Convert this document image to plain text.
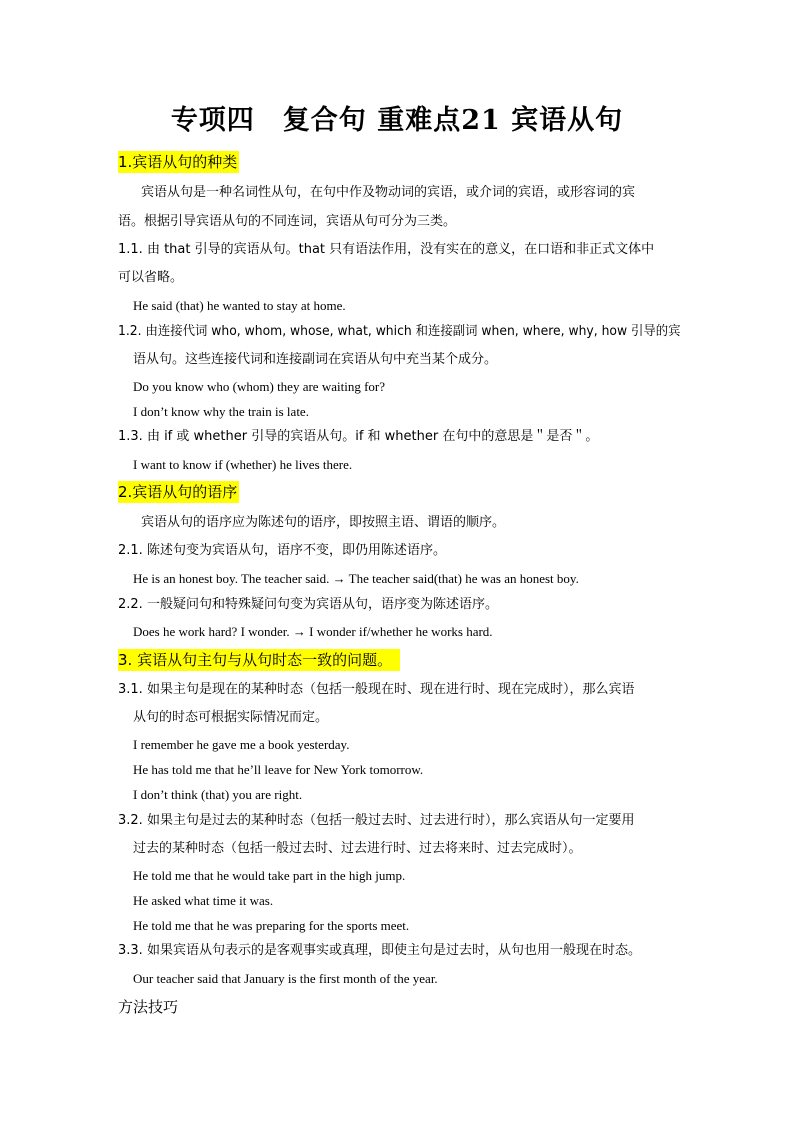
专项四　复合句 重难点21 宾语从句
1.宾语从句的种类
宾语从句是一种名词性从句，在句中作及物动词的宾语，或介词的宾语，或形容词的宾
语。根据引导宾语从句的不同连词，宾语从句可分为三类。
1.1. 由 that 引导的宾语从句。that 只有语法作用，没有实在的意义，在口语和非正式文体中
可以省略。
He said (that) he wanted to stay at home.
1.2. 由连接代词 who, whom, whose, what, which 和连接副词 when, where, why, how 引导的宾
语从句。这些连接代词和连接副词在宾语从句中充当某个成分。
Do you know who (whom) they are waiting for?
I don’t know why the train is late.
1.3. 由 if 或 whether 引导的宾语从句。if 和 whether 在句中的意思是＂是否＂。
I want to know if (whether) he lives there.
2.宾语从句的语序
宾语从句的语序应为陈述句的语序，即按照主语、谓语的顺序。
2.1. 陈述句变为宾语从句，语序不变，即仍用陈述语序。
He is an honest boy. The teacher said. → The teacher said(that) he was an honest boy.
2.2. 一般疑问句和特殊疑问句变为宾语从句，语序变为陈述语序。
Does he work hard? I wonder. → I wonder if/whether he works hard.
3. 宾语从句主句与从句时态一致的问题。
3.1. 如果主句是现在的某种时态（包括一般现在时、现在进行时、现在完成时），那么宾语
从句的时态可根据实际情况而定。
I remember he gave me a book yesterday.
He has told me that he’ll leave for New York tomorrow.
I don’t think (that) you are right.
3.2. 如果主句是过去的某种时态（包括一般过去时、过去进行时），那么宾语从句一定要用
过去的某种时态（包括一般过去时、过去进行时、过去将来时、过去完成时）。
He told me that he would take part in the high jump.
He asked what time it was.
He told me that he was preparing for the sports meet.
3.3. 如果宾语从句表示的是客观事实或真理，即使主句是过去时，从句也用一般现在时态。
Our teacher said that January is the first month of the year.
方法技巧
